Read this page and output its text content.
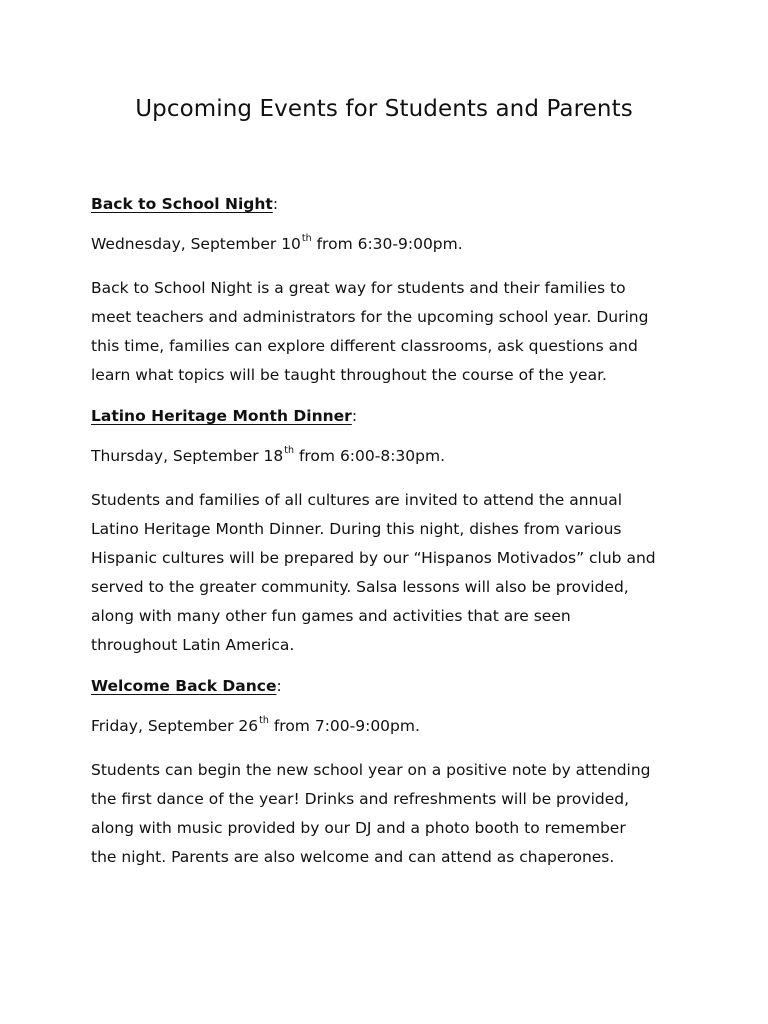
Upcoming Events for Students and Parents

Back to School Night:

Wednesday, September 10th from 6:30-9:00pm.

Back to School Night is a great way for students and their families to
meet teachers and administrators for the upcoming school year. During
this time, families can explore different classrooms, ask questions and
learn what topics will be taught throughout the course of the year.

Latino Heritage Month Dinner:

Thursday, September 18th from 6:00-8:30pm.

Students and families of all cultures are invited to attend the annual
Latino Heritage Month Dinner. During this night, dishes from various
Hispanic cultures will be prepared by our “Hispanos Motivados” club and
served to the greater community. Salsa lessons will also be provided,
along with many other fun games and activities that are seen
throughout Latin America.

Welcome Back Dance:

Friday, September 26th from 7:00-9:00pm.

Students can begin the new school year on a positive note by attending
the first dance of the year! Drinks and refreshments will be provided,
along with music provided by our DJ and a photo booth to remember
the night. Parents are also welcome and can attend as chaperones.
